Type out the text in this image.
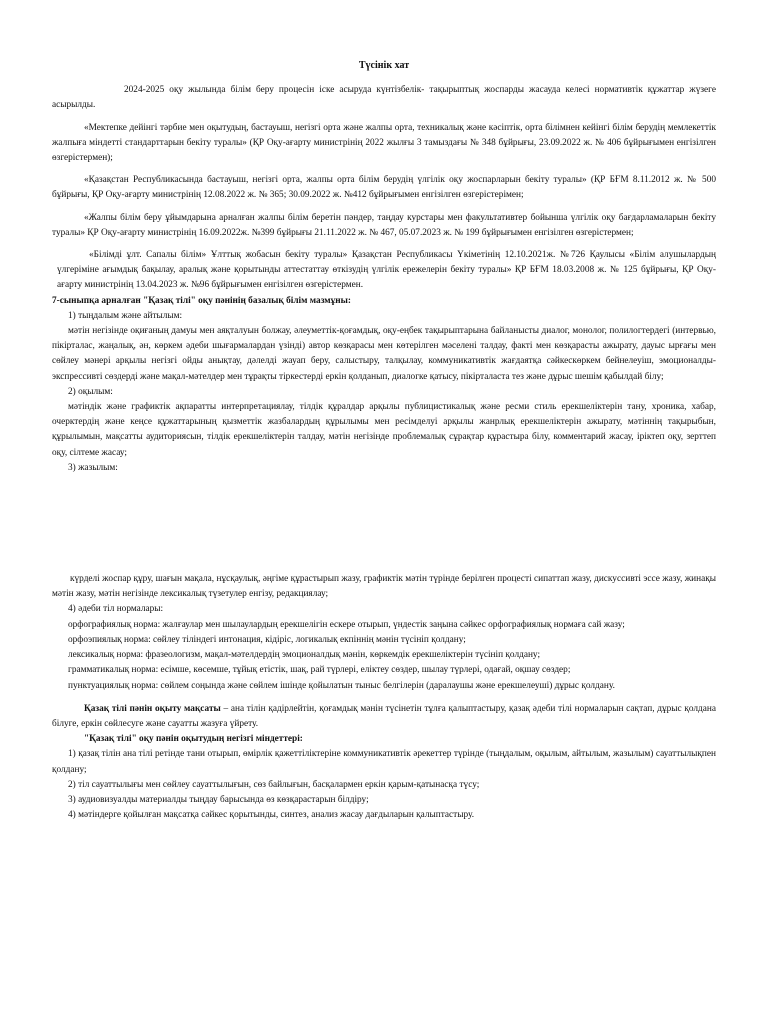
Түсінік хат

2024-2025 оқу жылында білім беру процесін іске асыруда күнтізбелік- тақырыптық жоспарды жасауда келесі нормативтік құжаттар жүзеге асырылды.

«Мектепке дейінгі тәрбие мен оқытудың, бастауыш, негізгі орта және жалпы орта, техникалық және кәсіптік, орта білімнен кейінгі білім берудің мемлекеттік жалпыға міндетті стандарттарын бекіту туралы» (ҚР Оқу-ағарту министрінің 2022 жылғы 3 тамыздағы № 348 бұйрығы, 23.09.2022 ж. № 406 бұйрығымен енгізілген өзгерістермен);

«Қазақстан Республикасында бастауыш, негізгі орта, жалпы орта білім берудің үлгілік оқу жоспарларын бекіту туралы» (ҚР БҒМ 8.11.2012 ж. № 500 бұйрығы, ҚР Оқу-ағарту министрінің 12.08.2022 ж. № 365; 30.09.2022 ж. №412 бұйрығымен енгізілген өзгерістерімен;

«Жалпы білім беру ұйымдарына арналған жалпы білім беретін пәндер, таңдау курстары мен факультативтер бойынша үлгілік оқу бағдарламаларын бекіту туралы» ҚР Оқу-ағарту министрінің 16.09.2022ж. №399 бұйрығы 21.11.2022 ж. № 467, 05.07.2023 ж. № 199 бұйрығымен енгізілген өзгерістермен;

«Білімді ұлт. Сапалы білім» Ұлттық жобасын бекіту туралы» Қазақстан Республикасы Үкіметінің 12.10.2021ж. №726 Қаулысы «Білім алушылардың үлгеріміне ағымдық бақылау, аралық және қорытынды аттестаттау өткізудің үлгілік ережелерін бекіту туралы» ҚР БҒМ 18.03.2008 ж. № 125 бұйрығы, ҚР Оқу-ағарту министрінің 13.04.2023 ж. №96 бұйрығымен енгізілген өзгерістермен.

7-сыныпқа арналған "Қазақ тілі" оқу пәнінің базалық білім мазмұны:

1) тыңдалым және айтылым:

мәтін негізінде оқиғаның дамуы мен аяқталуын болжау, әлеуметтік-қоғамдық, оқу-еңбек тақырыптарына байланысты диалог, монолог, полилогтердегі (интервью, пікірталас, жаңалық, ән, көркем әдеби шығармалардан үзінді) автор көзқарасы мен көтерілген мәселені талдау, фактi мен көзқарасты ажырату, дауыс ырғағы мен сөйлеу мәнері арқылы негізгі ойды анықтау, дәлелді жауап беру, салыстыру, талқылау, коммуникативтік жағдаятқа сәйкеcкөркем бейнелеуіш, эмоционалды-экспрессивті сөздерді және мақал-мәтелдер мен тұрақты тіркестерді еркін қолданып, диалогке қатысу, пікірталаста тез және дұрыс шешім қабылдай білу;

2) оқылым:

мәтіндік және графиктік ақпаратты интерпретациялау, тілдік құралдар арқылы публицистикалық және ресми стиль ерекшеліктерін тану, хроника, хабар, очерктердің және кеңсе құжаттарының қызметтік жазбалардың құрылымы мен ресімделуі арқылы жанрлық ерекшеліктерін ажырату, мәтіннің тақырыбын, құрылымын, мақсатты аудиториясын, тілдік ерекшеліктерін талдау, мәтін негізінде проблемалық сұрақтар құрастыра білу, комментарий жасау, іріктеп оқу, зерттеп оқу, сілтеме жасау;

3) жазылым:

күрделі жоспар құру, шағын мақала, нұсқаулық, әңгіме құрастырып жазу, графиктік мәтін түрінде берілген процесті сипаттап жазу, дискуссивті эссе жазу, жинақы мәтін жазу, мәтін негізінде лексикалық түзетулер енгізу, редакциялау;

4) әдеби тіл нормалары:

орфографиялық норма: жалғаулар мен шылаулардың ерекшелігін ескере отырып, үндестік заңына сәйкес орфографиялық нормаға сай жазу;

орфоэпиялық норма: сөйлеу тіліндегі интонация, кідіріс, логикалық екпіннің мәнін түсініп қолдану;

лексикалық норма: фразеологизм, мақал-мәтелдердің эмоционалдық мәнін, көркемдік ерекшеліктерін түсініп қолдану;

грамматикалық норма: есімше, көсемше, тұйық етістік, шақ, рай түрлері, еліктеу сөздер, шылау түрлері, одағай, оқшау сөздер;

пунктуациялық норма: сөйлем соңында және сөйлем ішінде қойылатын тыныс белгілерін (даралаушы және ерекшелеуші) дұрыс қолдану.

Қазақ тілі пәнін оқыту мақсаты – ана тілін қадірлейтін, қоғамдық мәнін түсінетін тұлға қалыптастыру, қазақ әдеби тілі нормаларын сақтап, дұрыс қолдана білуге, еркін сөйлесуге және сауатты жазуға үйрету.

"Қазақ тілі" оқу пәнін оқытудың негізгі міндеттері:

1) қазақ тілін ана тілі ретінде тани отырып, өмірлік қажеттіліктеріне коммуникативтік әрекеттер түрінде (тыңдалым, оқылым, айтылым, жазылым) сауаттылықпен қолдану;

2) тіл сауаттылығы мен сөйлеу сауаттылығын, сөз байлығын, басқалармен еркін қарым-қатынасқа түсу;

3) аудиовизуалды материалды тыңдау барысында өз көзқарастарын білдіру;

4) мәтіндерге қойылған мақсатқа сәйкес қорытынды, синтез, анализ жасау дағдыларын қалыптастыру.
